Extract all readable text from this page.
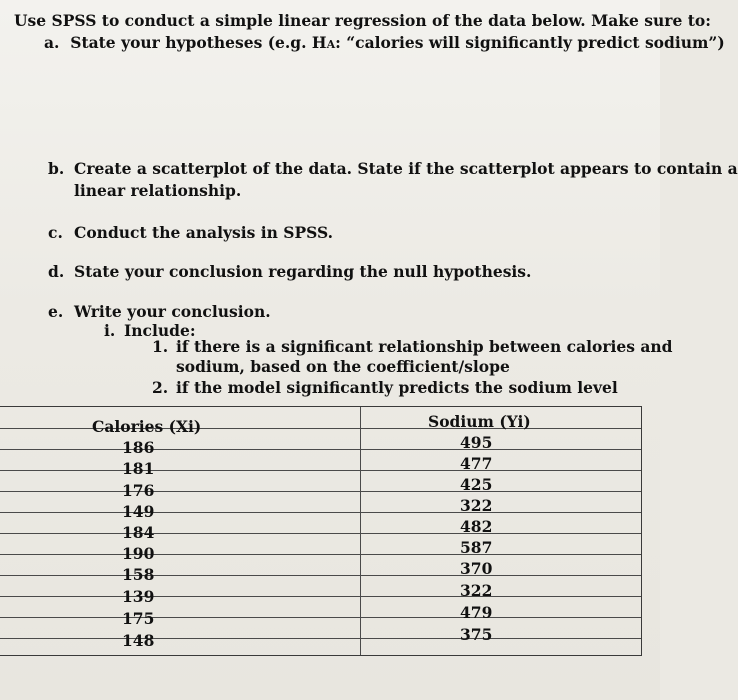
Use SPSS to conduct a simple linear regression of the data below. Make sure to:
a. State your hypotheses (e.g. HA: “calories will significantly predict sodium”)
b. Create a scatterplot of the data. State if the scatterplot appears to contain a
linear relationship.
c. Conduct the analysis in SPSS.
d. State your conclusion regarding the null hypothesis.
e. Write your conclusion.
i. Include:
1. if there is a significant relationship between calories and
sodium, based on the coefficient/slope
2. if the model significantly predicts the sodium level
Calories (Xi)	Sodium (Yi)
186
181
176
149
184
190
158
139
175
148
495
477
425
322
482
587
370
322
479
375
